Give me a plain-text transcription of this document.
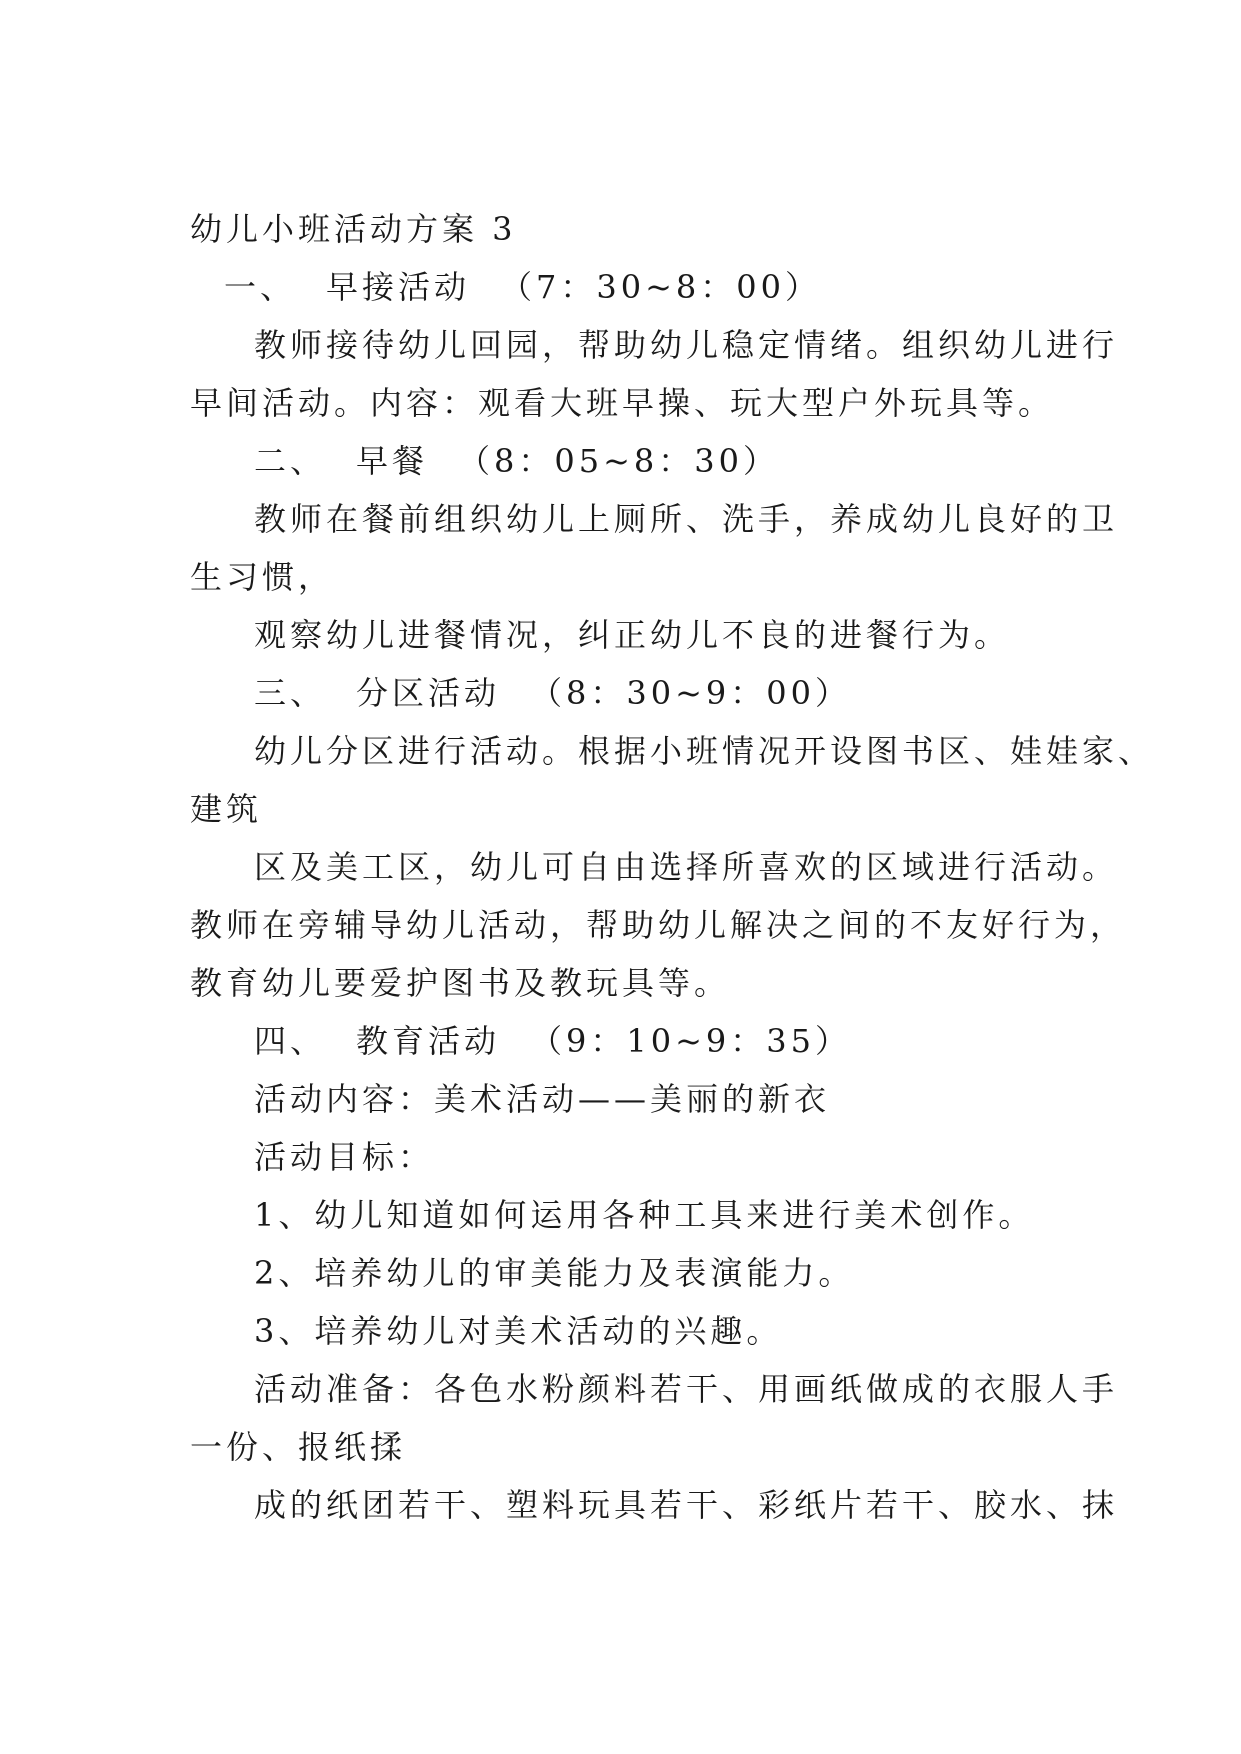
幼儿小班活动方案 3

一、 早接活动 （7：30~8：00）

教师接待幼儿回园，帮助幼儿稳定情绪。组织幼儿进行

早间活动。内容：观看大班早操、玩大型户外玩具等。

二、 早餐 （8：05~8：30）

教师在餐前组织幼儿上厕所、洗手，养成幼儿良好的卫

生习惯，

观察幼儿进餐情况，纠正幼儿不良的进餐行为。

三、 分区活动 （8：30~9：00）

幼儿分区进行活动。根据小班情况开设图书区、娃娃家、

建筑

区及美工区，幼儿可自由选择所喜欢的区域进行活动。

教师在旁辅导幼儿活动，帮助幼儿解决之间的不友好行为，

教育幼儿要爱护图书及教玩具等。

四、 教育活动 （9：10~9：35）

活动内容：美术活动——美丽的新衣

活动目标：

1、幼儿知道如何运用各种工具来进行美术创作。

2、培养幼儿的审美能力及表演能力。

3、培养幼儿对美术活动的兴趣。

活动准备：各色水粉颜料若干、用画纸做成的衣服人手

一份、报纸揉

成的纸团若干、塑料玩具若干、彩纸片若干、胶水、抹
